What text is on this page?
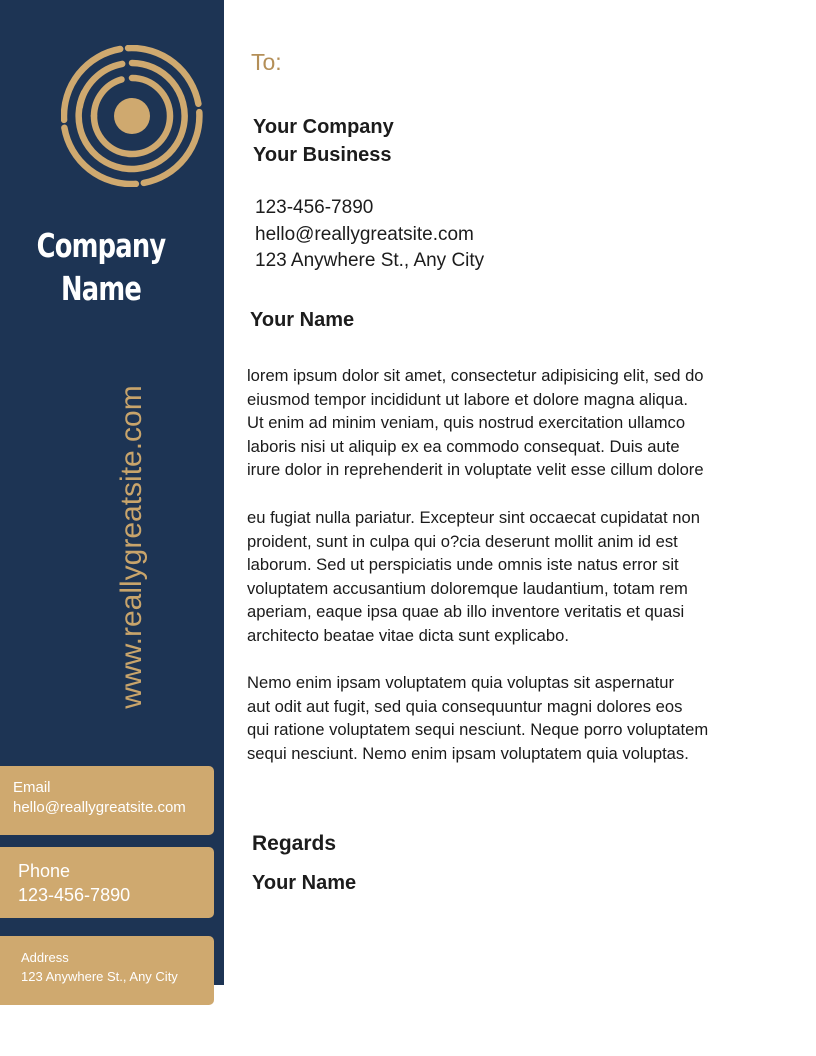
Company
Name
www.reallygreatsite.com
Email
hello@reallygreatsite.com
Phone
123-456-7890
Address
123 Anywhere St., Any City
To:
Your Company
Your Business
123-456-7890
hello@reallygreatsite.com
123 Anywhere St., Any City
Your Name
lorem ipsum dolor sit amet, consectetur adipisicing elit, sed do
eiusmod tempor incididunt ut labore et dolore magna aliqua.
Ut enim ad minim veniam, quis nostrud exercitation ullamco
laboris nisi ut aliquip ex ea commodo consequat. Duis aute
irure dolor in reprehenderit in voluptate velit esse cillum dolore
eu fugiat nulla pariatur. Excepteur sint occaecat cupidatat non
proident, sunt in culpa qui o?cia deserunt mollit anim id est
laborum. Sed ut perspiciatis unde omnis iste natus error sit
voluptatem accusantium doloremque laudantium, totam rem
aperiam, eaque ipsa quae ab illo inventore veritatis et quasi
architecto beatae vitae dicta sunt explicabo.
Nemo enim ipsam voluptatem quia voluptas sit aspernatur
aut odit aut fugit, sed quia consequuntur magni dolores eos
qui ratione voluptatem sequi nesciunt. Neque porro voluptatem
sequi nesciunt. Nemo enim ipsam voluptatem quia voluptas.
Regards
Your Name
